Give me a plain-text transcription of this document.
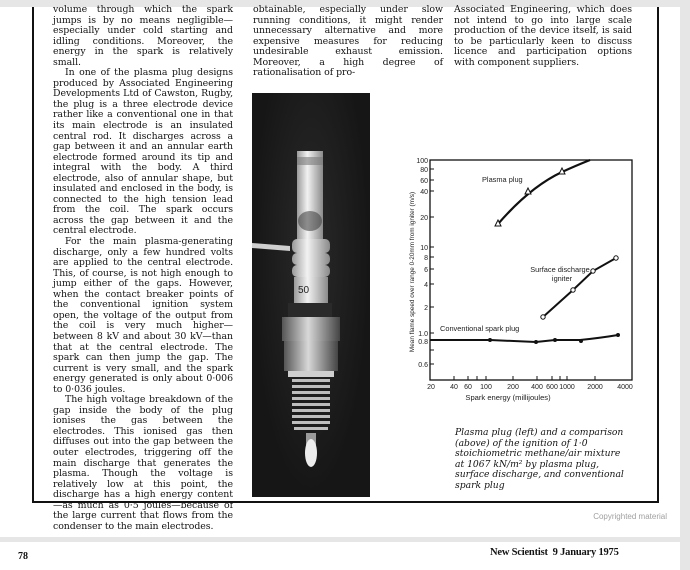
volume through which the spark jumps is by no means negligible—especially under cold starting and idling conditions. Moreover, the energy in the spark is relatively small.

In one of the plasma plug designs produced by Associated Engineering Developments Ltd of Cawston, Rugby, the plug is a three electrode device rather like a conventional one in that its main electrode is an insulated central rod. It discharges across a gap between it and an annular earth electrode formed around its tip and integral with the body. A third electrode, also of annular shape, but insulated and enclosed in the body, is connected to the high tension lead from the coil. The spark occurs across the gap between it and the central electrode.

For the main plasma-generating discharge, only a few hundred volts are applied to the central electrode. This, of course, is not high enough to jump either of the gaps. However, when the contact breaker points of the conventional ignition system open, the voltage of the output from the coil is very much higher—between 8 kV and about 30 kV—than that at the central electrode. The spark can then jump the gap. The current is very small, and the spark energy generated is only about 0·006 to 0·036 joules.

The high voltage breakdown of the gap inside the body of the plug ionises the gas between the electrodes. This ionised gas then diffuses out into the gap between the outer electrodes, triggering off the main discharge that generates the plasma. Though the voltage is relatively low at this point, the discharge has a high energy content—as much as 0·5 joules—because of the large current that flows from the condenser to the main electrodes.

obtainable, especially under slow running conditions, it might render unnecessary alternative and more expensive measures for reducing undesirable exhaust emission. Moreover, a high degree of rationalisation of pro-

Associated Engineering, which does not intend to go into large scale production of the device itself, is said to be particularly keen to discuss licence and participation options with component suppliers.

50
100
80
60
40
20
10
8
6
4
2
1.0
0.8
0.6
20 40 60 100 200 400 600 1000 2000 4000
Spark energy (millijoules)
Mean flame speed over range 0-20mm from igniter (m/s)
Plasma plug
Surface discharge
igniter
Conventional spark plug
Plasma plug (left) and a comparison (above) of the ignition of 1·0 stoichiometric methane/air mixture at 1067 kN/m² by plasma plug, surface discharge, and conventional spark plug
Copyrighted material
78	New Scientist  9 January 1975
